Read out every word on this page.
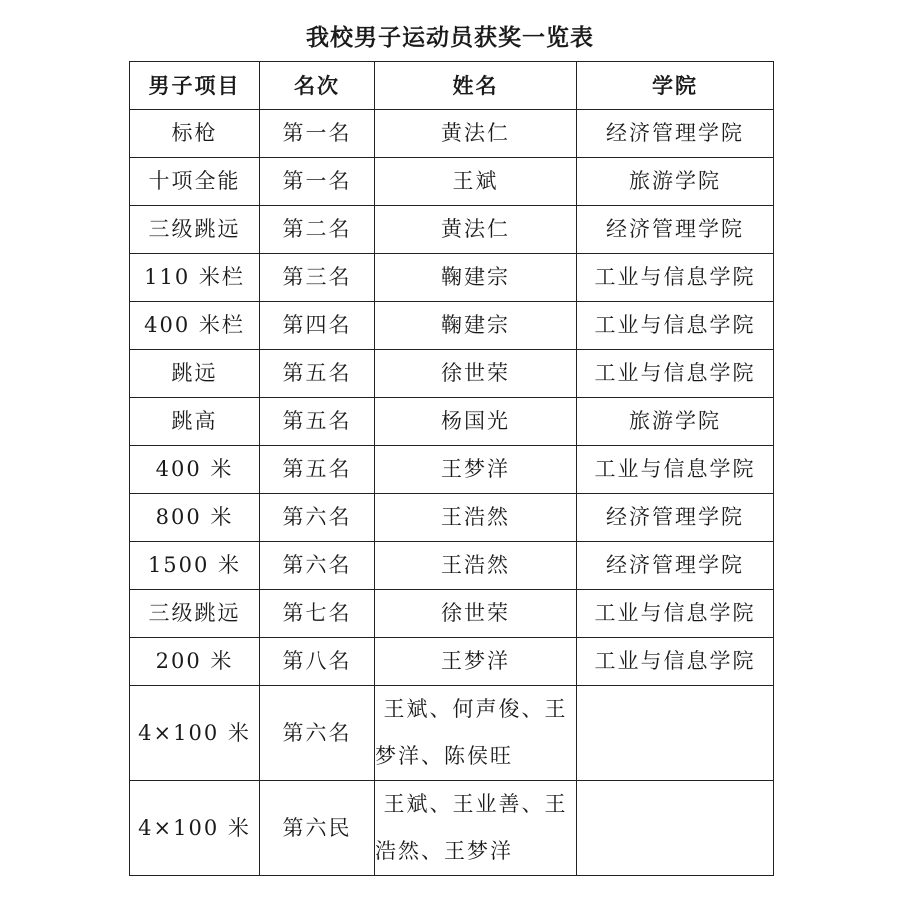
我校男子运动员获奖一览表
男子项目	名次	姓名	学院
标枪	第一名	黄法仁	经济管理学院
十项全能	第一名	王斌	旅游学院
三级跳远	第二名	黄法仁	经济管理学院
110 米栏	第三名	鞠建宗	工业与信息学院
400 米栏	第四名	鞠建宗	工业与信息学院
跳远	第五名	徐世荣	工业与信息学院
跳高	第五名	杨国光	旅游学院
400 米	第五名	王梦洋	工业与信息学院
800 米	第六名	王浩然	经济管理学院
1500 米	第六名	王浩然	经济管理学院
三级跳远	第七名	徐世荣	工业与信息学院
200 米	第八名	王梦洋	工业与信息学院
4×100 米	第六名	王斌、何声俊、王梦洋、陈侯旺	
4×100 米	第六民	王斌、王业善、王浩然、王梦洋	
